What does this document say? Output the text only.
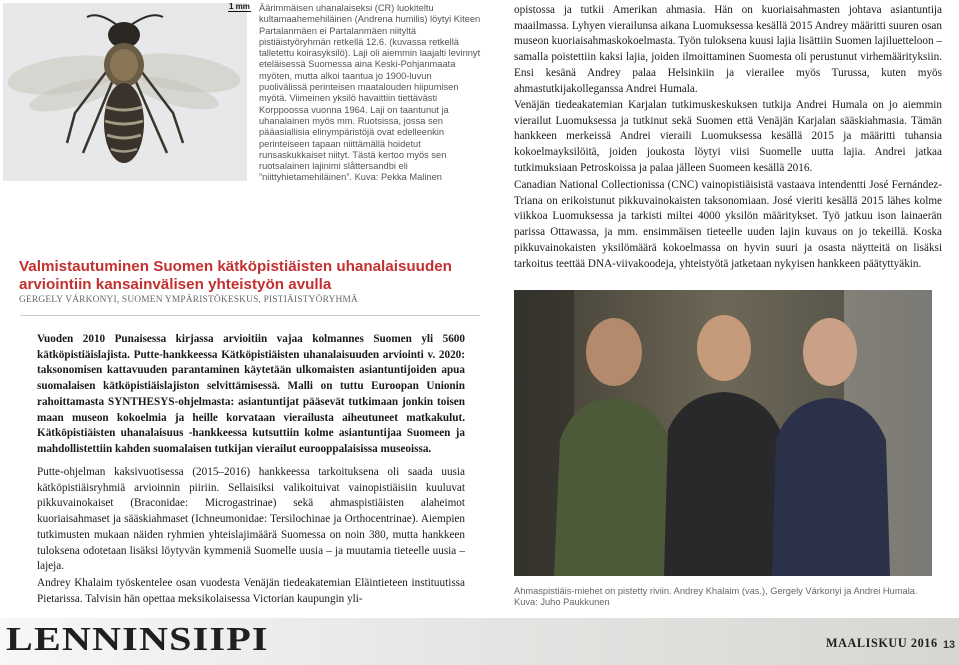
1 mm Äärimmäisen uhanalaiseksi (CR) luokiteltu kultamaahemehiläinen (Andrena humilis) löytyi Kiteen Partalanmäen ei Partalanmäen niityltä pistiäistyöryhmän retkellä 12.6. (kuvassa retkellä talletettu koirasyksilö). Laji oli aiemmin laajalti levinnyt eteläisessä Suomessa aina Keski-Pohjanmaata myöten, mutta alkoi taantua jo 1900-luvun puolivälissä perinteisen maatalouden hiipumisen myötä. Viimeinen yksilö havaittiin tiettävästi Korppoossa vuonna 1964. Laji on taantunut ja uhanalainen myös mm. Ruotsissa, jossa sen pääasiallisia elinympäristöjä ovat edelleenkin perinteiseen tapaan niittämällä hoidetut runsaskukkaiset niityt. Tästä kertoo myös sen ruotsalainen lajinimi slåttersandbi eli ”niittyhietamehiläinen”. Kuva: Pekka Malinen
Valmistautuminen Suomen kätköpistiäisten uhanalaisuuden arviointiin kansainvälisen yhteistyön avulla
GERGELY VÁRKONYI, SUOMEN YMPÄRISTÖKESKUS, PISTIÄISTYÖRYHMÄ

Vuoden 2010 Punaisessa kirjassa arvioitiin vajaa kolmannes Suomen yli 5600 kätköpistiäislajista. Putte-hankkeessa Kätköpistiäisten uhanalaisuuden arviointi v. 2020: taksonomisen kattavuuden parantaminen käytetään ulkomaisten asiantuntijoiden apua suomalaisen kätköpistiäislajiston selvittämisessä. Malli on tuttu Euroopan Unionin rahoittamasta SYNTHESYS-ohjelmasta: asiantuntijat pääsevät tutkimaan jonkin toisen maan museon kokoelmia ja heille korvataan vierailusta aiheutuneet matkakulut. Kätköpistiäisten uhanalaisuus -hankkeessa kutsuttiin kolme asiantuntijaa Suomeen ja mahdollistettiin kahden suomalaisen tutkijan vierailut eurooppalaisissa museoissa.

Putte-ohjelman kaksivuotisessa (2015–2016) hankkeessa tarkoituksena oli saada uusia kätköpistiäisryhmiä arvioinnin piiriin. Sellaisiksi valikoituivat vainopistiäisiin kuuluvat pikkuvainokaiset (Braconidae: Microgastrinae) sekä ahmaspistiäisten alaheimot kuoriaisahmaset ja sääskiahmaset (Ichneumonidae: Tersilochinae ja Orthocentrinae). Aiempien tutkimusten mukaan näiden ryhmien yhteislajimäärä Suomessa on noin 380, mutta hankkeen tuloksena odotetaan lisäksi löytyvän kymmeniä Suomelle uusia – ja muutamia tieteelle uusia – lajeja.

Andrey Khalaim työskentelee osan vuodesta Venäjän tiedeakatemian Eläintieteen instituutissa Pietarissa. Talvisin hän opettaa meksikolaisessa Victorian kaupungin yli-

opistossa ja tutkii Amerikan ahmasia. Hän on kuoriaisahmasten johtava asiantuntija maailmassa. Lyhyen vierailunsa aikana Luomuksessa kesällä 2015 Andrey määritti suuren osan museon kuoriaisahmaskokoelmasta. Työn tuloksena kuusi lajia lisättiin Suomen lajiluetteloon – samalla poistettiin kaksi lajia, joiden ilmoittaminen Suomesta oli perustunut virhemäärityksiin. Ensi kesänä Andrey palaa Helsinkiin ja vierailee myös Turussa, kuten myös ahmastutkijakolleganssa Andrei Humala.

Venäjän tiedeakatemian Karjalan tutkimuskeskuksen tutkija Andrei Humala on jo aiemmin vierailut Luomuksessa ja tutkinut sekä Suomen että Venäjän Karjalan sääskiahmasia. Tämän hankkeen merkeissä Andrei vieraili Luomuksessa kesällä 2015 ja määritti tuhansia kokoelmayksilöitä, joiden joukosta löytyi viisi Suomelle uutta lajia. Andrei jatkaa tutkimuksiaan Petroskoissa ja palaa jälleen Suomeen kesällä 2016.

Canadian National Collectionissa (CNC) vainopistiäisistä vastaava intendentti José Fernández-Triana on erikoistunut pikkuvainokaisten taksonomiaan. José vieriti kesällä 2015 lähes kolme viikkoa Luomuksessa ja tarkisti miltei 4000 yksilön määritykset. Työ jatkuu ison lainaerän parissa Ottawassa, ja mm. ensimmäisen tieteelle uuden lajin kuvaus on jo tekeillä. Koska pikkuvainokaisten yksilömäärä kokoelmassa on hyvin suuri ja osasta näytteitä on lisäksi tarkoitus teettää DNA-viivakoodeja, yhteistyötä jatketaan nykyisen hankkeen päätyttyäkin.

Ahmaspistiäis-miehet on pistetty riviin. Andrey Khalaim (vas.), Gergely Várkonyi ja Andrei Humala. Kuva: Juho Paukkunen
LENNINSIIPI	MAALISKUU 2016 13
